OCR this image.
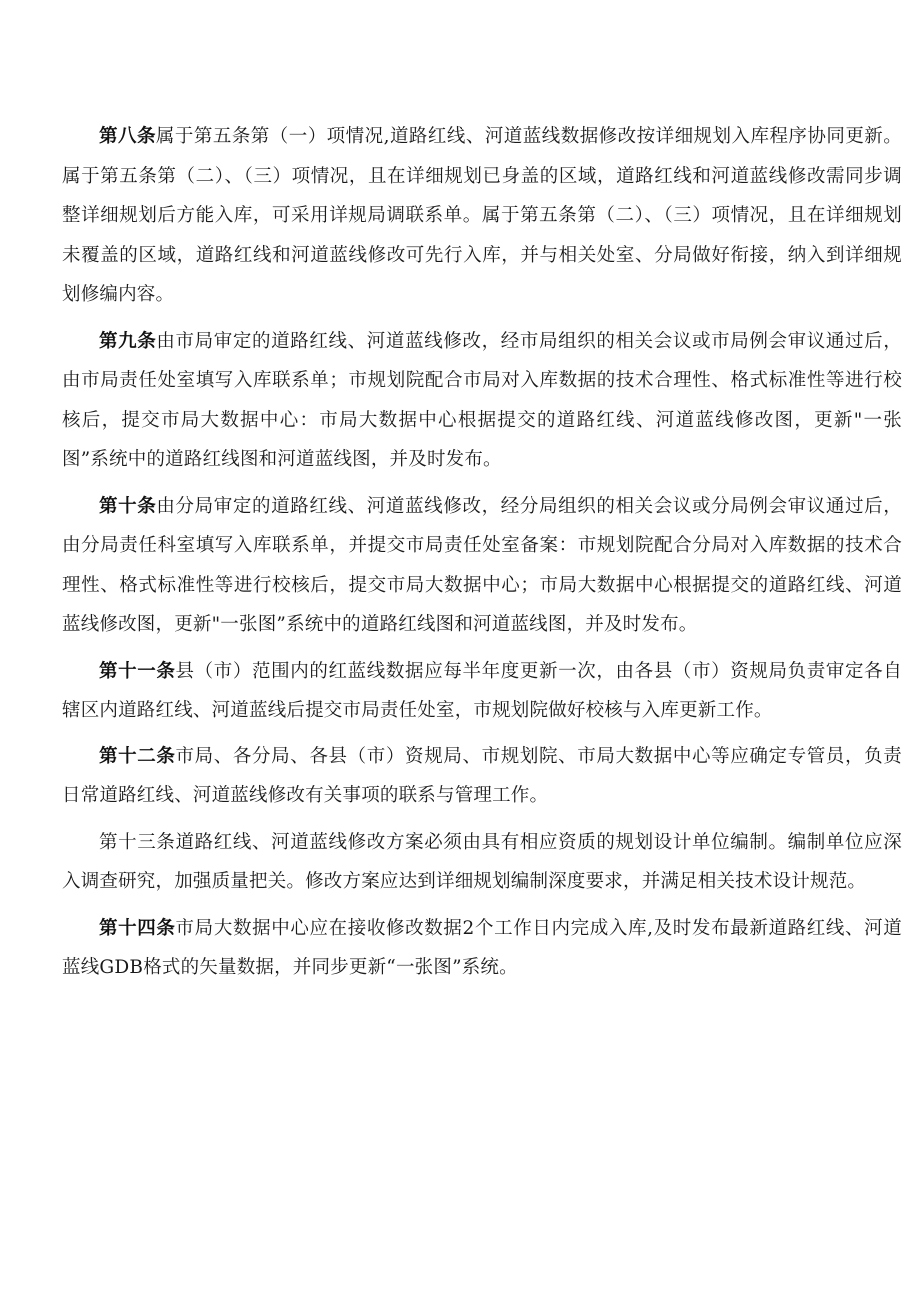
第八条属于第五条第（一）项情况,道路红线、河道蓝线数据修改按详细规划入库程序协同更新。属于第五条第（二）、（三）项情况，且在详细规划已身盖的区域，道路红线和河道蓝线修改需同步调整详细规划后方能入库，可采用详规局调联系单。属于第五条第（二）、（三）项情况，且在详细规划未覆盖的区域，道路红线和河道蓝线修改可先行入库，并与相关处室、分局做好衔接，纳入到详细规划修编内容。

第九条由市局审定的道路红线、河道蓝线修改，经市局组织的相关会议或市局例会审议通过后，由市局责任处室填写入库联系单；市规划院配合市局对入库数据的技术合理性、格式标准性等进行校核后，提交市局大数据中心：市局大数据中心根据提交的道路红线、河道蓝线修改图，更新"一张图”系统中的道路红线图和河道蓝线图，并及时发布。

第十条由分局审定的道路红线、河道蓝线修改，经分局组织的相关会议或分局例会审议通过后，由分局责任科室填写入库联系单，并提交市局责任处室备案：市规划院配合分局对入库数据的技术合理性、格式标准性等进行校核后，提交市局大数据中心；市局大数据中心根据提交的道路红线、河道蓝线修改图，更新"一张图”系统中的道路红线图和河道蓝线图，并及时发布。

第十一条县（市）范围内的红蓝线数据应每半年度更新一次，由各县（市）资规局负责审定各自辖区内道路红线、河道蓝线后提交市局责任处室，市规划院做好校核与入库更新工作。

第十二条市局、各分局、各县（市）资规局、市规划院、市局大数据中心等应确定专管员，负责日常道路红线、河道蓝线修改有关事项的联系与管理工作。

第十三条道路红线、河道蓝线修改方案必须由具有相应资质的规划设计单位编制。编制单位应深入调查研究，加强质量把关。修改方案应达到详细规划编制深度要求，并满足相关技术设计规范。

第十四条市局大数据中心应在接收修改数据2个工作日内完成入库,及时发布最新道路红线、河道蓝线GDB格式的矢量数据，并同步更新“一张图”系统。
